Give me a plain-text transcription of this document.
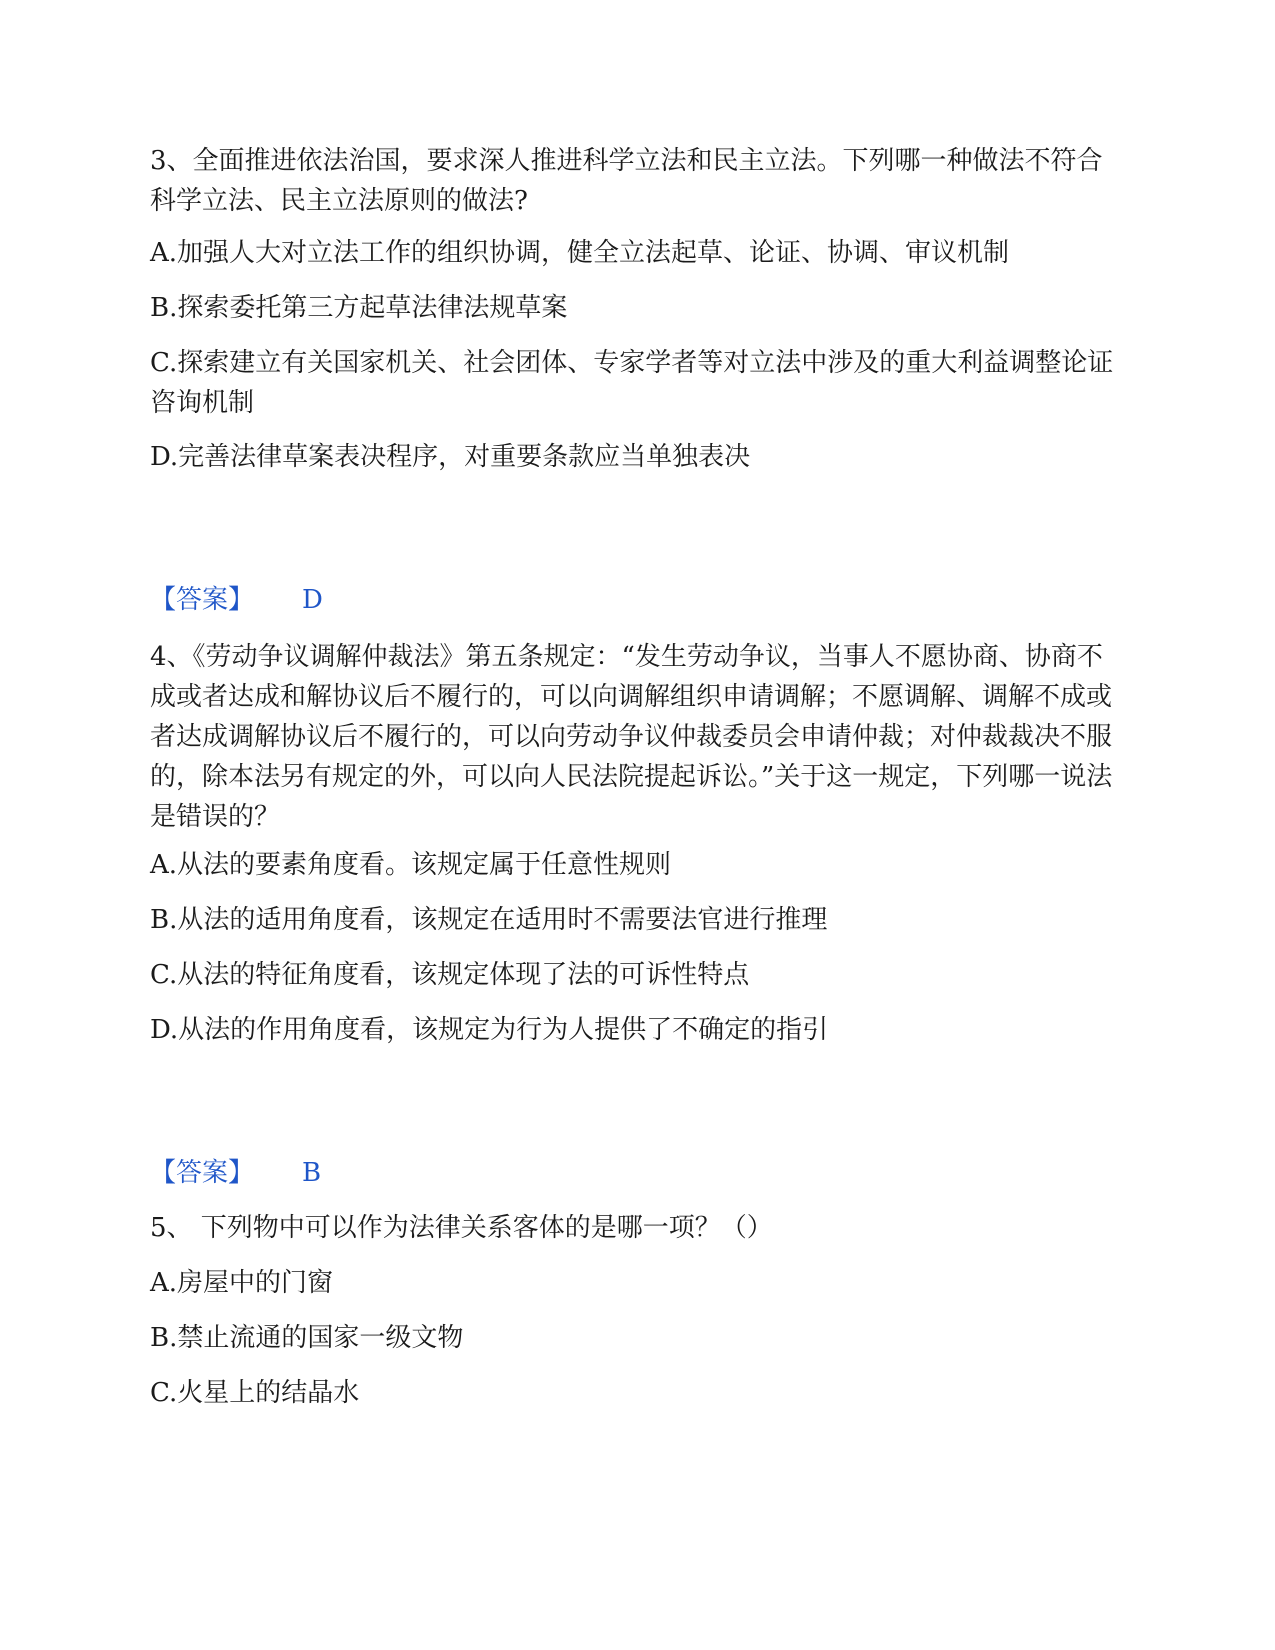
3、全面推进依法治国，要求深人推进科学立法和民主立法。下列哪一种做法不符合科学立法、民主立法原则的做法?
A.加强人大对立法工作的组织协调，健全立法起草、论证、协调、审议机制
B.探索委托第三方起草法律法规草案
C.探索建立有关国家机关、社会团体、专家学者等对立法中涉及的重大利益调整论证咨询机制
D.完善法律草案表决程序，对重要条款应当单独表决
【答案】 D
4、《劳动争议调解仲裁法》第五条规定：“发生劳动争议，当事人不愿协商、协商不成或者达成和解协议后不履行的，可以向调解组织申请调解；不愿调解、调解不成或者达成调解协议后不履行的，可以向劳动争议仲裁委员会申请仲裁；对仲裁裁决不服的，除本法另有规定的外，可以向人民法院提起诉讼。”关于这一规定，下列哪一说法是错误的？
A.从法的要素角度看。该规定属于任意性规则
B.从法的适用角度看，该规定在适用时不需要法官进行推理
C.从法的特征角度看，该规定体现了法的可诉性特点
D.从法的作用角度看，该规定为行为人提供了不确定的指引
【答案】 B
5、 下列物中可以作为法律关系客体的是哪一项？（）
A.房屋中的门窗
B.禁止流通的国家一级文物
C.火星上的结晶水
